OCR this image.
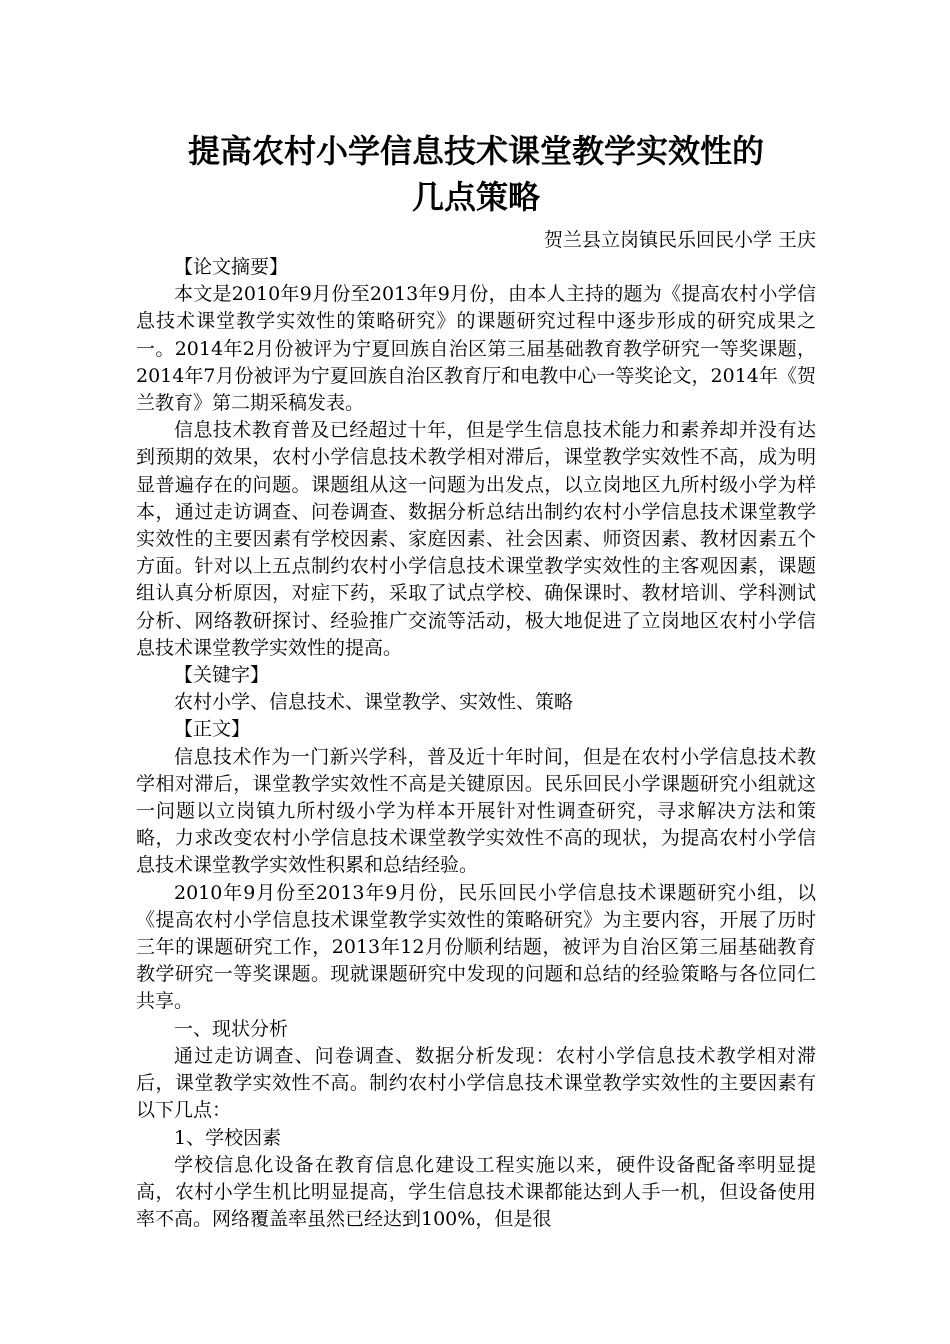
提高农村小学信息技术课堂教学实效性的
几点策略

贺兰县立岗镇民乐回民小学 王庆

【论文摘要】

本文是2010年9月份至2013年9月份，由本人主持的题为《提高农村小学信息技术课堂教学实效性的策略研究》的课题研究过程中逐步形成的研究成果之一。2014年2月份被评为宁夏回族自治区第三届基础教育教学研究一等奖课题，2014年7月份被评为宁夏回族自治区教育厅和电教中心一等奖论文，2014年《贺兰教育》第二期采稿发表。

信息技术教育普及已经超过十年，但是学生信息技术能力和素养却并没有达到预期的效果，农村小学信息技术教学相对滞后，课堂教学实效性不高，成为明显普遍存在的问题。课题组从这一问题为出发点，以立岗地区九所村级小学为样本，通过走访调查、问卷调查、数据分析总结出制约农村小学信息技术课堂教学实效性的主要因素有学校因素、家庭因素、社会因素、师资因素、教材因素五个方面。针对以上五点制约农村小学信息技术课堂教学实效性的主客观因素，课题组认真分析原因，对症下药，采取了试点学校、确保课时、教材培训、学科测试分析、网络教研探讨、经验推广交流等活动，极大地促进了立岗地区农村小学信息技术课堂教学实效性的提高。

【关键字】

农村小学、信息技术、课堂教学、实效性、策略

【正文】

信息技术作为一门新兴学科，普及近十年时间，但是在农村小学信息技术教学相对滞后，课堂教学实效性不高是关键原因。民乐回民小学课题研究小组就这一问题以立岗镇九所村级小学为样本开展针对性调查研究，寻求解决方法和策略，力求改变农村小学信息技术课堂教学实效性不高的现状，为提高农村小学信息技术课堂教学实效性积累和总结经验。

2010年9月份至2013年9月份，民乐回民小学信息技术课题研究小组，以《提高农村小学信息技术课堂教学实效性的策略研究》为主要内容，开展了历时三年的课题研究工作，2013年12月份顺利结题，被评为自治区第三届基础教育教学研究一等奖课题。现就课题研究中发现的问题和总结的经验策略与各位同仁共享。

一、现状分析

通过走访调查、问卷调查、数据分析发现：农村小学信息技术教学相对滞后，课堂教学实效性不高。制约农村小学信息技术课堂教学实效性的主要因素有以下几点：

1、学校因素

学校信息化设备在教育信息化建设工程实施以来，硬件设备配备率明显提高，农村小学生机比明显提高，学生信息技术课都能达到人手一机，但设备使用率不高。网络覆盖率虽然已经达到100%，但是很
